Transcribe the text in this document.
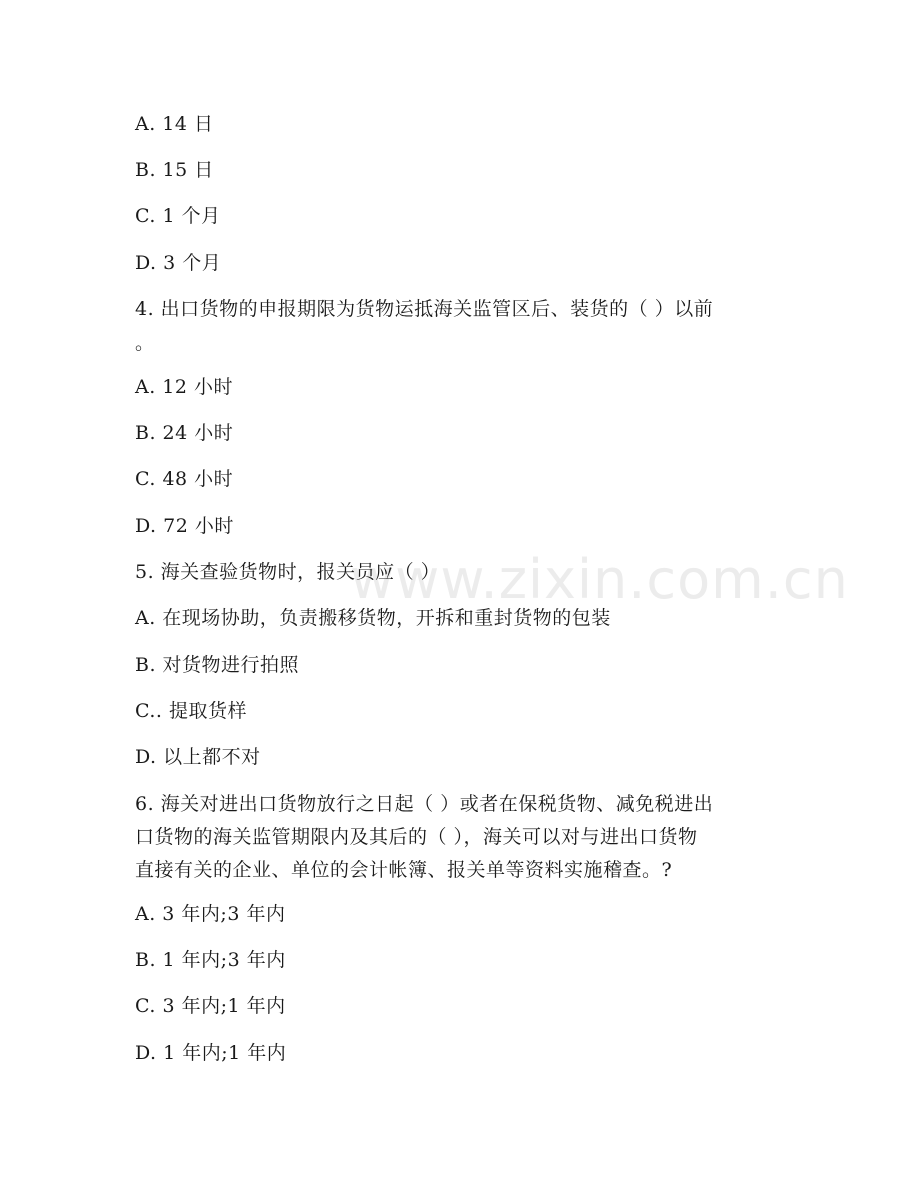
www.zixin.com.cn
A. 14 日
B. 15 日
C. 1 个月
D. 3 个月
4. 出口货物的申报期限为货物运抵海关监管区后、装货的（ ）以前
。
A. 12 小时
B. 24 小时
C. 48 小时
D. 72 小时
5. 海关查验货物时，报关员应（ ）
A. 在现场协助，负责搬移货物，开拆和重封货物的包装
B. 对货物进行拍照
C.. 提取货样
D. 以上都不对
6. 海关对进出口货物放行之日起（ ）或者在保税货物、减免税进出
口货物的海关监管期限内及其后的（ ），海关可以对与进出口货物
直接有关的企业、单位的会计帐簿、报关单等资料实施稽查。?
A. 3 年内;3 年内
B. 1 年内;3 年内
C. 3 年内;1 年内
D. 1 年内;1 年内
